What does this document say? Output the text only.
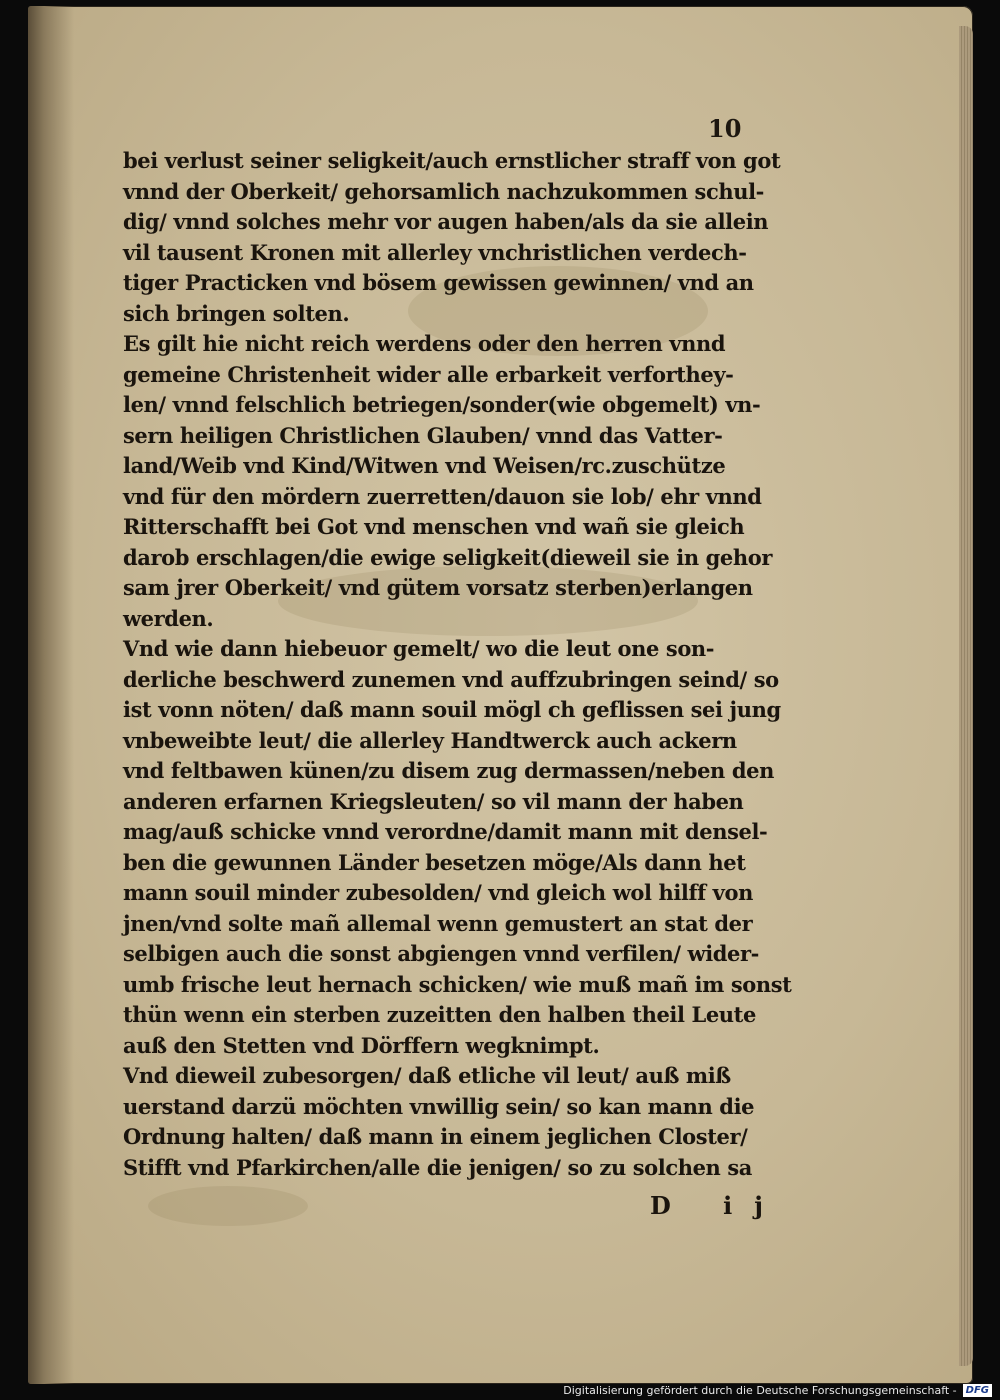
10

bei verlust seiner seligkeit/auch ernstlicher straff von got
vnnd der Oberkeit/ gehorsamlich nachzukommen schul-
dig/ vnnd solches mehr vor augen haben/als da sie allein
vil tausent Kronen mit allerley vnchristlichen verdech-
tiger Practicken vnd bösem gewissen gewinnen/ vnd an
sich bringen solten.
Es gilt hie nicht reich werdens oder den herren vnnd
gemeine Christenheit wider alle erbarkeit verforthey-
len/ vnnd felschlich betriegen/sonder(wie obgemelt) vn-
sern heiligen Christlichen Glauben/ vnnd das Vatter-
land/Weib vnd Kind/Witwen vnd Weisen/rc.zuschütze
vnd für den mördern zuerretten/dauon sie lob/ ehr vnnd
Ritterschafft bei Got vnd menschen vnd wañ sie gleich
darob erschlagen/die ewige seligkeit(dieweil sie in gehor
sam jrer Oberkeit/ vnd gütem vorsatz sterben)erlangen
werden.
Vnd wie dann hiebeuor gemelt/ wo die leut one son-
derliche beschwerd zunemen vnd auffzubringen seind/ so
ist vonn nöten/ daß mann souil mögl ch geflissen sei jung
vnbeweibte leut/ die allerley Handtwerck auch ackern
vnd feltbawen künen/zu disem zug dermassen/neben den
anderen erfarnen Kriegsleuten/ so vil mann der haben
mag/auß schicke vnnd verordne/damit mann mit densel-
ben die gewunnen Länder besetzen möge/Als dann het
mann souil minder zubesolden/ vnd gleich wol hilff von
jnen/vnd solte mañ allemal wenn gemustert an stat der
selbigen auch die sonst abgiengen vnnd verfilen/ wider-
umb frische leut hernach schicken/ wie muß mañ im sonst
thün wenn ein sterben zuzeitten den halben theil Leute
auß den Stetten vnd Dörffern wegknimpt.
Vnd dieweil zubesorgen/ daß etliche vil leut/ auß miß
uerstand darzü möchten vnwillig sein/ so kan mann die
Ordnung halten/ daß mann in einem jeglichen Closter/
Stifft vnd Pfarkirchen/alle die jenigen/ so zu solchen sa

D ij

Digitalisierung gefördert durch die Deutsche Forschungsgemeinschaft - DFG
